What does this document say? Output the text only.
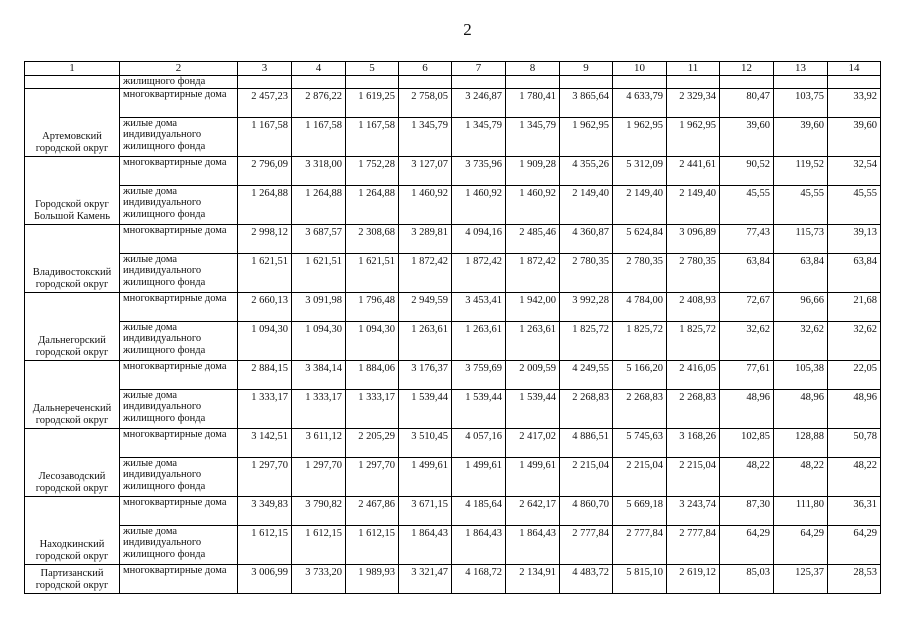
2
1	2	3	4	5	6	7	8	9	10	11	12	13	14
	жилищного фонда												
Артемовский городской округ	многоквартирные дома	2 457,23	2 876,22	1 619,25	2 758,05	3 246,87	1 780,41	3 865,64	4 633,79	2 329,34	80,47	103,75	33,92
	жилые дома индивидуального жилищного фонда	1 167,58	1 167,58	1 167,58	1 345,79	1 345,79	1 345,79	1 962,95	1 962,95	1 962,95	39,60	39,60	39,60
Городской округ Большой Камень	многоквартирные дома	2 796,09	3 318,00	1 752,28	3 127,07	3 735,96	1 909,28	4 355,26	5 312,09	2 441,61	90,52	119,52	32,54
	жилые дома индивидуального жилищного фонда	1 264,88	1 264,88	1 264,88	1 460,92	1 460,92	1 460,92	2 149,40	2 149,40	2 149,40	45,55	45,55	45,55
Владивостокский городской округ	многоквартирные дома	2 998,12	3 687,57	2 308,68	3 289,81	4 094,16	2 485,46	4 360,87	5 624,84	3 096,89	77,43	115,73	39,13
	жилые дома индивидуального жилищного фонда	1 621,51	1 621,51	1 621,51	1 872,42	1 872,42	1 872,42	2 780,35	2 780,35	2 780,35	63,84	63,84	63,84
Дальнегорский городской округ	многоквартирные дома	2 660,13	3 091,98	1 796,48	2 949,59	3 453,41	1 942,00	3 992,28	4 784,00	2 408,93	72,67	96,66	21,68
	жилые дома индивидуального жилищного фонда	1 094,30	1 094,30	1 094,30	1 263,61	1 263,61	1 263,61	1 825,72	1 825,72	1 825,72	32,62	32,62	32,62
Дальнереченский городской округ	многоквартирные дома	2 884,15	3 384,14	1 884,06	3 176,37	3 759,69	2 009,59	4 249,55	5 166,20	2 416,05	77,61	105,38	22,05
	жилые дома индивидуального жилищного фонда	1 333,17	1 333,17	1 333,17	1 539,44	1 539,44	1 539,44	2 268,83	2 268,83	2 268,83	48,96	48,96	48,96
Лесозаводский городской округ	многоквартирные дома	3 142,51	3 611,12	2 205,29	3 510,45	4 057,16	2 417,02	4 886,51	5 745,63	3 168,26	102,85	128,88	50,78
	жилые дома индивидуального жилищного фонда	1 297,70	1 297,70	1 297,70	1 499,61	1 499,61	1 499,61	2 215,04	2 215,04	2 215,04	48,22	48,22	48,22
Находкинский городской округ	многоквартирные дома	3 349,83	3 790,82	2 467,86	3 671,15	4 185,64	2 642,17	4 860,70	5 669,18	3 243,74	87,30	111,80	36,31
	жилые дома индивидуального жилищного фонда	1 612,15	1 612,15	1 612,15	1 864,43	1 864,43	1 864,43	2 777,84	2 777,84	2 777,84	64,29	64,29	64,29
Партизанский городской округ	многоквартирные дома	3 006,99	3 733,20	1 989,93	3 321,47	4 168,72	2 134,91	4 483,72	5 815,10	2 619,12	85,03	125,37	28,53
